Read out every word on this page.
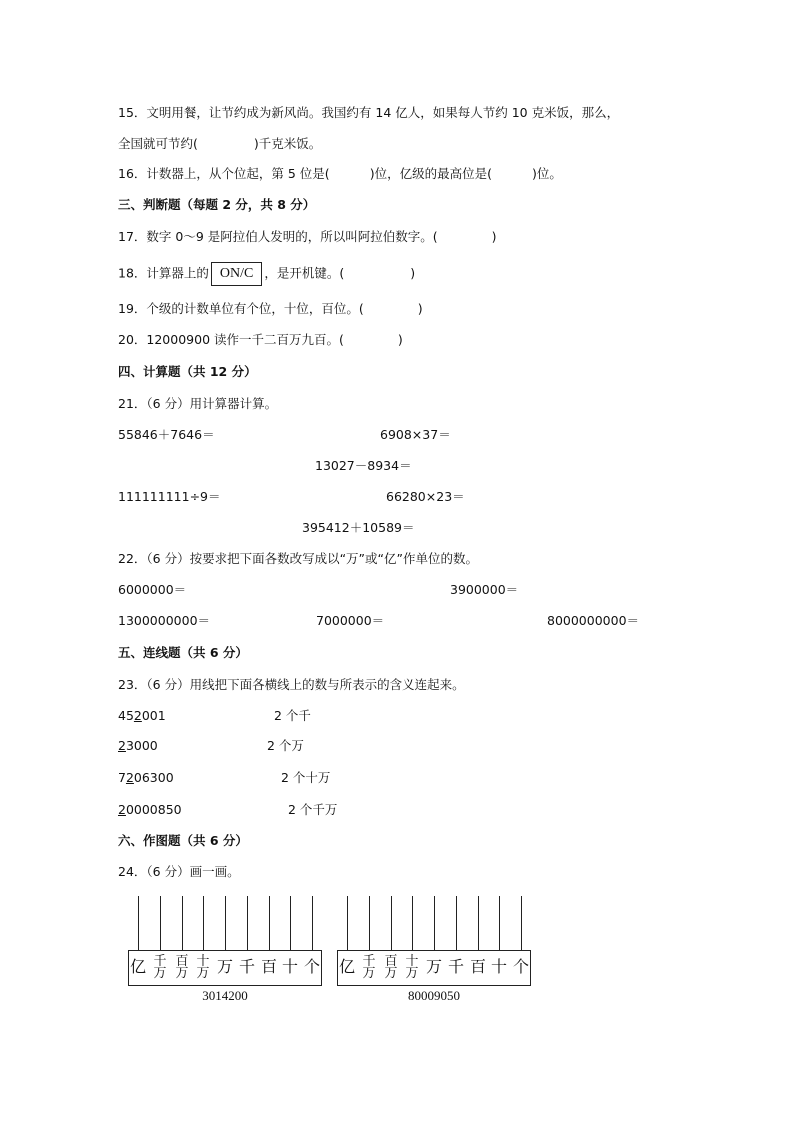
15．文明用餐，让节约成为新风尚。我国约有 14 亿人，如果每人节约 10 克米饭，那么，
全国就可节约(	)千克米饭。
16．计数器上，从个位起，第 5 位是(	)位，亿级的最高位是(	)位。
三、判断题（每题 2 分，共 8 分）
17．数字 0～9 是阿拉伯人发明的，所以叫阿拉伯数字。(	)
18．计算器上的 ON/C ，是开机键。(	)
19．个级的计数单位有个位，十位，百位。(	)
20．12000900 读作一千二百万九百。(	)
四、计算题（共 12 分）
21．（6 分）用计算器计算。
55846＋7646＝	6908×37＝
13027－8934＝
111111111÷9＝	66280×23＝
395412＋10589＝
22．（6 分）按要求把下面各数改写成以“万”或“亿”作单位的数。
6000000＝	3900000＝
1300000000＝	7000000＝	8000000000＝
五、连线题（共 6 分）
23．（6 分）用线把下面各横线上的数与所表示的含义连起来。
452001	2 个千
23000	2 个万
7206300	2 个十万
20000850	2 个千万
六、作图题（共 6 分）
24．（6 分）画一画。
亿 千
万
百
万
十
万 万 千 百 十 个
3014200
亿 千
万
百
万
十
万 万 千 百 十 个
80009050
